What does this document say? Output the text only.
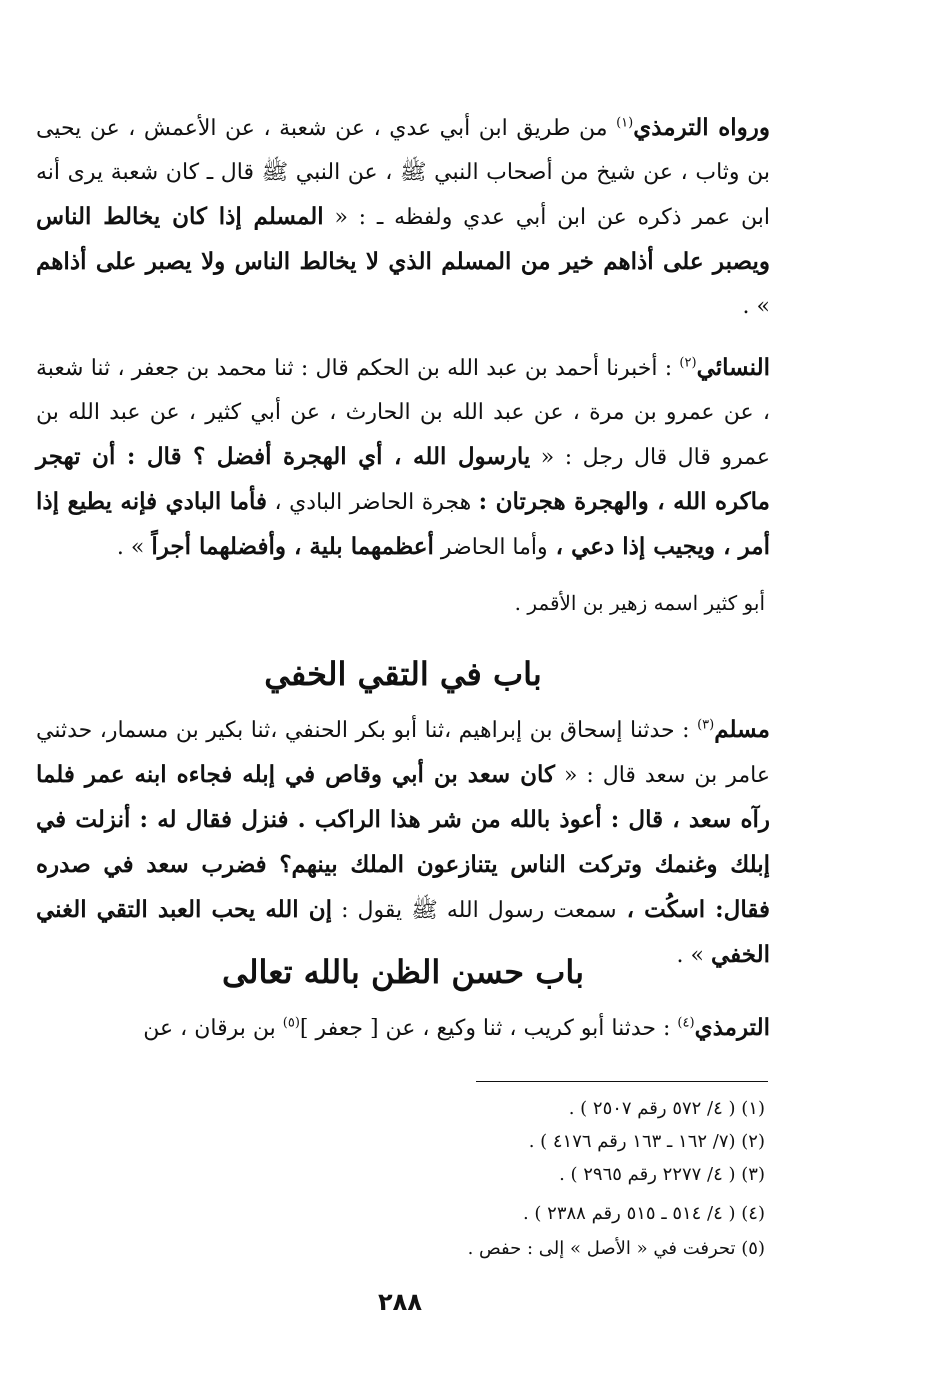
ورواه الترمذي$^{(١)}$ من طريق ابن أبي عدي ، عن شعبة ، عن الأعمش ، عن يحيى بن وثاب ، عن شيخ من أصحاب النبي ﷺ ، عن النبي ﷺ قال ـ كان شعبة يرى أنه ابن عمر ذكره عن ابن أبي عدي ولفظه ـ : « المسلم إذا كان يخالط الناس ويصبر على أذاهم خير من المسلم الذي لا يخالط الناس ولا يصبر على أذاهم » .

النسائي$^{(٢)}$ : أخبرنا أحمد بن عبد الله بن الحكم قال : ثنا محمد بن جعفر ، ثنا شعبة ، عن عمرو بن مرة ، عن عبد الله بن الحارث ، عن أبي كثير ، عن عبد الله بن عمرو قال قال رجل : « يارسول الله ، أي الهجرة أفضل ؟ قال : أن تهجر ماكره الله ، والهجرة هجرتان : هجرة الحاضر البادي ، فأما البادي فإنه يطيع إذا أمر ، ويجيب إذا دعي ، وأما الحاضر أعظمهما بلية ، وأفضلهما أجراً » .

أبو كثير اسمه زهير بن الأقمر .

باب في التقي الخفي

مسلم$^{(٣)}$ : حدثنا إسحاق بن إبراهيم ،ثنا أبو بكر الحنفي ،ثنا بكير بن مسمار، حدثني عامر بن سعد قال : « كان سعد بن أبي وقاص في إبله فجاءه ابنه عمر فلما رآه سعد ، قال : أعوذ بالله من شر هذا الراكب . فنزل فقال له : أنزلت في إبلك وغنمك وتركت الناس يتنازعون الملك بينهم؟ فضرب سعد في صدره فقال: اسكُت ، سمعت رسول الله ﷺ يقول : إن الله يحب العبد التقي الغني الخفي » .

باب حسن الظن بالله تعالى

الترمذي$^{(٤)}$ : حدثنا أبو كريب ، ثنا وكيع ، عن [ جعفر ]$^{(٥)}$ بن برقان ، عن

(١) ( ٤/ ٥٧٢ رقم ٢٥٠٧ ) .

(٢) (٧/ ١٦٢ ـ ١٦٣ رقم ٤١٧٦ ) .

(٣) ( ٤/ ٢٢٧٧ رقم ٢٩٦٥ ) .

(٤) ( ٤/ ٥١٤ ـ ٥١٥ رقم ٢٣٨٨ ) .

(٥) تحرفت في « الأصل » إلى : حفص .

٢٨٨
